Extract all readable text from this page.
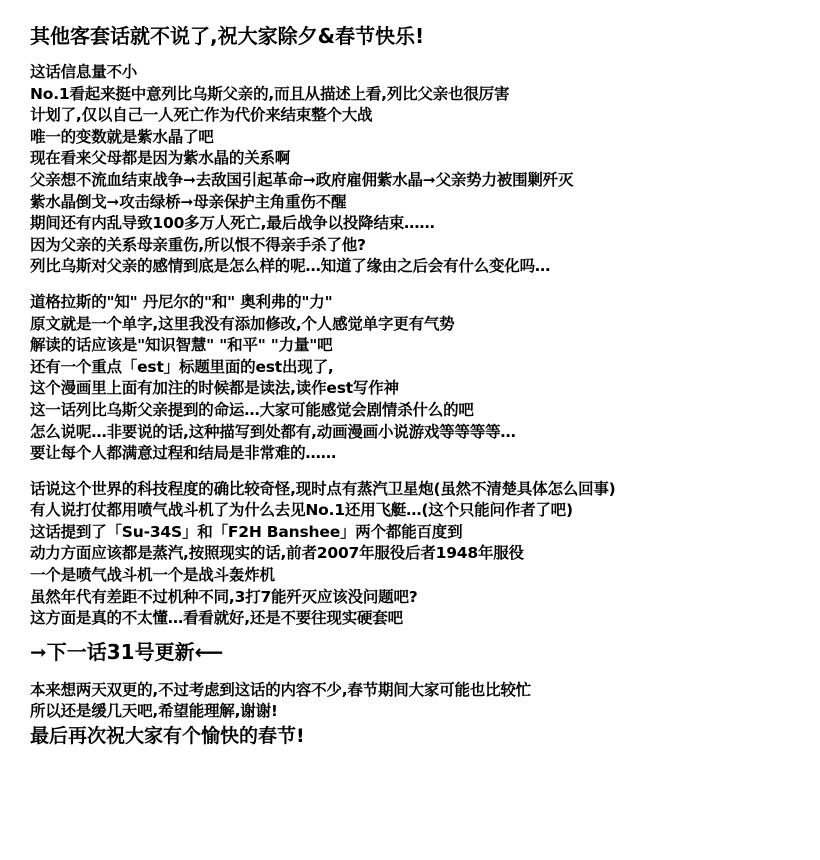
其他客套话就不说了,祝大家除夕&春节快乐!
这话信息量不小
No.1看起来挺中意列比乌斯父亲的,而且从描述上看,列比父亲也很厉害
计划了,仅以自己一人死亡作为代价来结束整个大战
唯一的变数就是紫水晶了吧
现在看来父母都是因为紫水晶的关系啊
父亲想不流血结束战争➞去敌国引起革命➞政府雇佣紫水晶➞父亲势力被围剿歼灭
紫水晶倒戈➞攻击绿桥➞母亲保护主角重伤不醒
期间还有内乱导致100多万人死亡,最后战争以投降结束……
因为父亲的关系母亲重伤,所以恨不得亲手杀了他?
列比乌斯对父亲的感情到底是怎么样的呢…知道了缘由之后会有什么变化吗…
道格拉斯的"知" 丹尼尔的"和" 奥利弗的"力"
原文就是一个单字,这里我没有添加修改,个人感觉单字更有气势
解读的话应该是"知识智慧" "和平" "力量"吧
还有一个重点「est」标题里面的est出现了,
这个漫画里上面有加注的时候都是读法,读作est写作神
这一话列比乌斯父亲提到的命运…大家可能感觉会剧情杀什么的吧
怎么说呢…非要说的话,这种描写到处都有,动画漫画小说游戏等等等等…
要让每个人都满意过程和结局是非常难的……
话说这个世界的科技程度的确比较奇怪,现时点有蒸汽卫星炮(虽然不清楚具体怎么回事)
有人说打仗都用喷气战斗机了为什么去见No.1还用飞艇…(这个只能问作者了吧)
这话提到了「Su-34S」和「F2H Banshee」两个都能百度到
动力方面应该都是蒸汽,按照现实的话,前者2007年服役后者1948年服役
一个是喷气战斗机一个是战斗轰炸机
虽然年代有差距不过机种不同,3打7能歼灭应该没问题吧?
这方面是真的不太懂…看看就好,还是不要往现实硬套吧
➞下一话31号更新⟵
本来想两天双更的,不过考虑到这话的内容不少,春节期间大家可能也比较忙
所以还是缓几天吧,希望能理解,谢谢!
最后再次祝大家有个愉快的春节!
